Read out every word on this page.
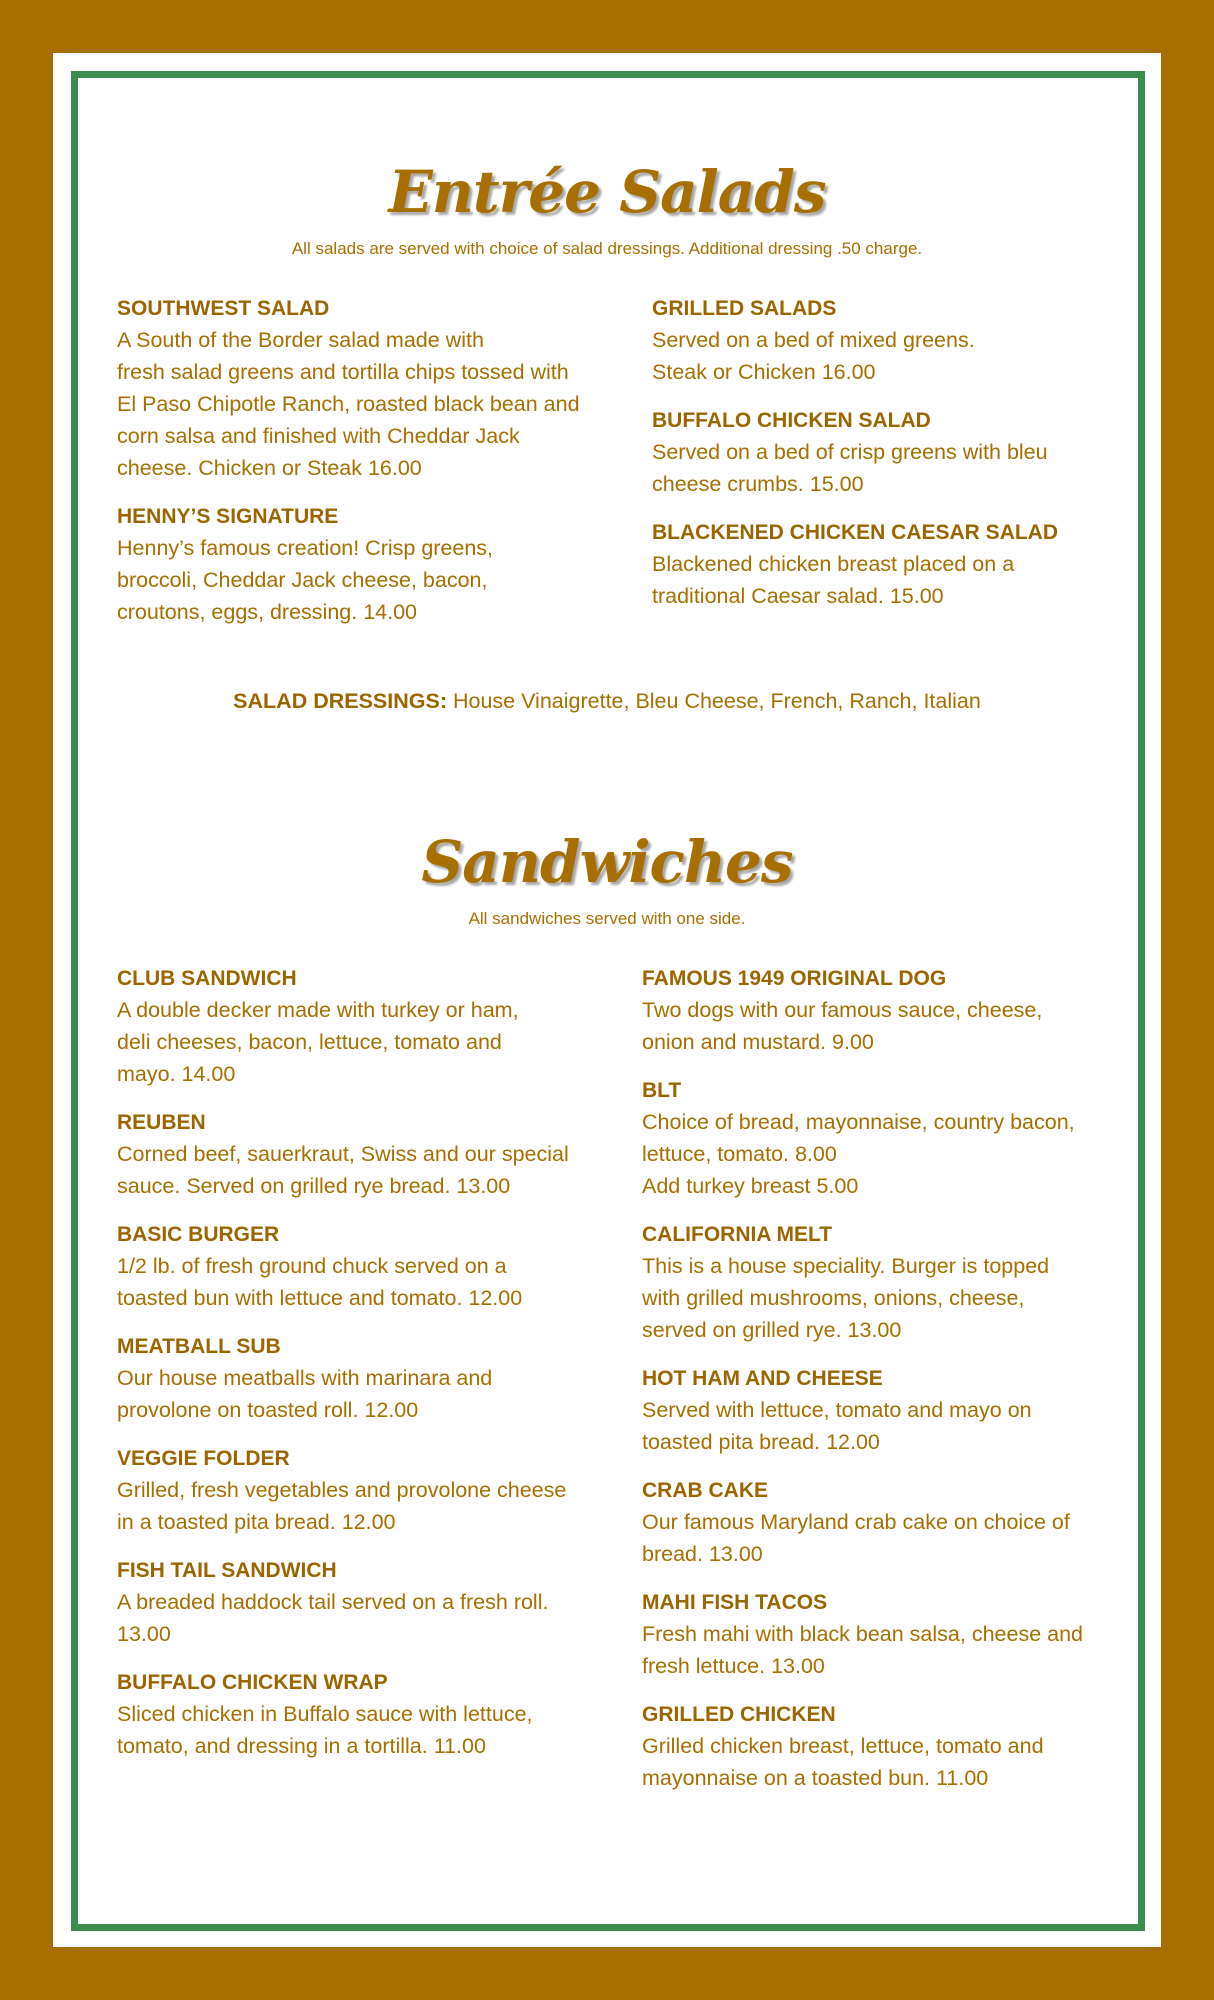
Entrée Salads
All salads are served with choice of salad dressings. Additional dressing .50 charge.
SOUTHWEST SALAD
A South of the Border salad made with
fresh salad greens and tortilla chips tossed with
El Paso Chipotle Ranch, roasted black bean and
corn salsa and finished with Cheddar Jack
cheese. Chicken or Steak 16.00
HENNY’S SIGNATURE
Henny’s famous creation! Crisp greens,
broccoli, Cheddar Jack cheese, bacon,
croutons, eggs, dressing. 14.00
GRILLED SALADS
Served on a bed of mixed greens.
Steak or Chicken 16.00
BUFFALO CHICKEN SALAD
Served on a bed of crisp greens with bleu
cheese crumbs. 15.00
BLACKENED CHICKEN CAESAR SALAD
Blackened chicken breast placed on a
traditional Caesar salad. 15.00
SALAD DRESSINGS: House Vinaigrette, Bleu Cheese, French, Ranch, Italian
Sandwiches
All sandwiches served with one side.
CLUB SANDWICH
A double decker made with turkey or ham,
deli cheeses, bacon, lettuce, tomato and
mayo. 14.00
REUBEN
Corned beef, sauerkraut, Swiss and our special
sauce. Served on grilled rye bread. 13.00
BASIC BURGER
1/2 lb. of fresh ground chuck served on a
toasted bun with lettuce and tomato. 12.00
MEATBALL SUB
Our house meatballs with marinara and
provolone on toasted roll. 12.00
VEGGIE FOLDER
Grilled, fresh vegetables and provolone cheese
in a toasted pita bread. 12.00
FISH TAIL SANDWICH
A breaded haddock tail served on a fresh roll.
13.00
BUFFALO CHICKEN WRAP
Sliced chicken in Buffalo sauce with lettuce,
tomato, and dressing in a tortilla. 11.00
FAMOUS 1949 ORIGINAL DOG
Two dogs with our famous sauce, cheese,
onion and mustard. 9.00
BLT
Choice of bread, mayonnaise, country bacon,
lettuce, tomato. 8.00
Add turkey breast 5.00
CALIFORNIA MELT
This is a house speciality. Burger is topped
with grilled mushrooms, onions, cheese,
served on grilled rye. 13.00
HOT HAM AND CHEESE
Served with lettuce, tomato and mayo on
toasted pita bread. 12.00
CRAB CAKE
Our famous Maryland crab cake on choice of
bread. 13.00
MAHI FISH TACOS
Fresh mahi with black bean salsa, cheese and
fresh lettuce. 13.00
GRILLED CHICKEN
Grilled chicken breast, lettuce, tomato and
mayonnaise on a toasted bun. 11.00
